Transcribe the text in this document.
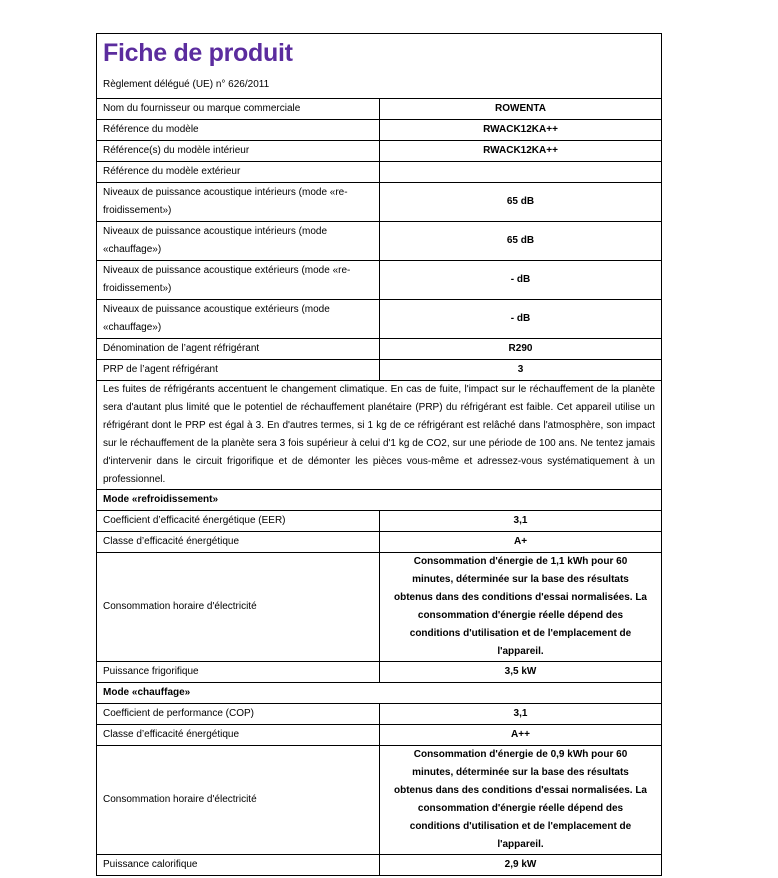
Fiche de produit
Règlement délégué (UE) n° 626/2011
Nom du fournisseur ou marque commerciale	ROWENTA
Référence du modèle	RWACK12KA++
Référence(s) du modèle intérieur	RWACK12KA++
Référence du modèle extérieur	
Niveaux de puissance acoustique intérieurs (mode «re-froidissement»)	65 dB
Niveaux de puissance acoustique intérieurs (mode «chauffage»)	65 dB
Niveaux de puissance acoustique extérieurs (mode «re-froidissement»)	- dB
Niveaux de puissance acoustique extérieurs (mode «chauffage»)	- dB
Dénomination de l’agent réfrigérant	R290
PRP de l’agent réfrigérant	3
Les fuites de réfrigérants accentuent le changement climatique. En cas de fuite, l'impact sur le réchauffement de la planète sera d'autant plus limité que le potentiel de réchauffement planétaire (PRP) du réfrigérant est faible. Cet appareil utilise un réfrigérant dont le PRP est égal à 3. En d'autres termes, si 1 kg de ce réfrigérant est relâché dans l'atmosphère, son impact sur le réchauffement de la planète sera 3 fois supérieur à celui d'1 kg de CO2, sur une période de 100 ans. Ne tentez jamais d'intervenir dans le circuit frigorifique et de démonter les pièces vous-même et adressez-vous systématiquement à un professionnel.	
Mode «refroidissement»	
Coefficient d’efficacité énergétique (EER)	3,1
Classe d’efficacité énergétique	A+
Consommation horaire d'électricité	Consommation d'énergie de 1,1 kWh pour 60 minutes, déterminée sur la base des résultats obtenus dans des conditions d'essai normalisées. La consommation d'énergie réelle dépend des conditions d'utilisation et de l'emplacement de l'appareil.
Puissance frigorifique	3,5 kW
Mode «chauffage»	
Coefficient de performance (COP)	3,1
Classe d’efficacité énergétique	A++
Consommation horaire d'électricité	Consommation d'énergie de 0,9 kWh pour 60 minutes, déterminée sur la base des résultats obtenus dans des conditions d'essai normalisées. La consommation d'énergie réelle dépend des conditions d'utilisation et de l'emplacement de l'appareil.
Puissance calorifique	2,9 kW
